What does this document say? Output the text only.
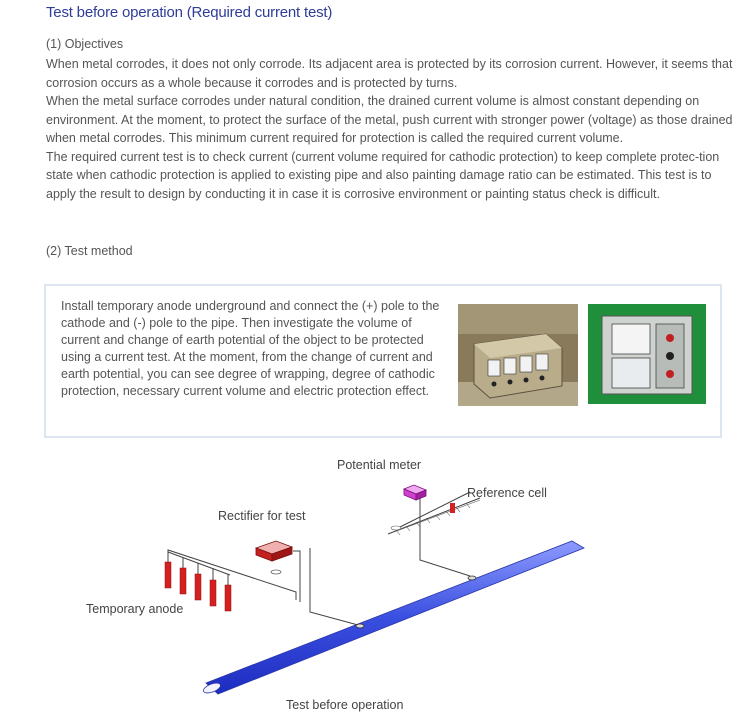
Test before operation (Required current test)
(1) Objectives

When metal corrodes, it does not only corrode. Its adjacent area is protected by its corrosion current. However, it seems that corrosion occurs as a whole because it corrodes and is protected by turns.

When the metal surface corrodes under natural condition, the drained current volume is almost constant depending on environment. At the moment, to protect the surface of the metal, push current with stronger power (voltage) as those drained when metal corrodes. This minimum current required for protection is called the required current volume.

The required current test is to check current (current volume required for cathodic protection) to keep complete protec-tion state when cathodic protection is applied to existing pipe and also painting damage ratio can be estimated. This test is to apply the result to design by conducting it in case it is corrosive environment or painting status check is difficult.

(2) Test method
Install temporary anode underground and connect the (+) pole to the cathode and (-) pole to the pipe. Then investigate the volume of current and change of earth potential of the object to be protected using a current test. At the moment, from the change of current and earth potential, you can see degree of wrapping, degree of cathodic protection, necessary current volume and electric protection effect.
Potential meter
Reference cell
Rectifier for test
Temporary anode
Test before operation
